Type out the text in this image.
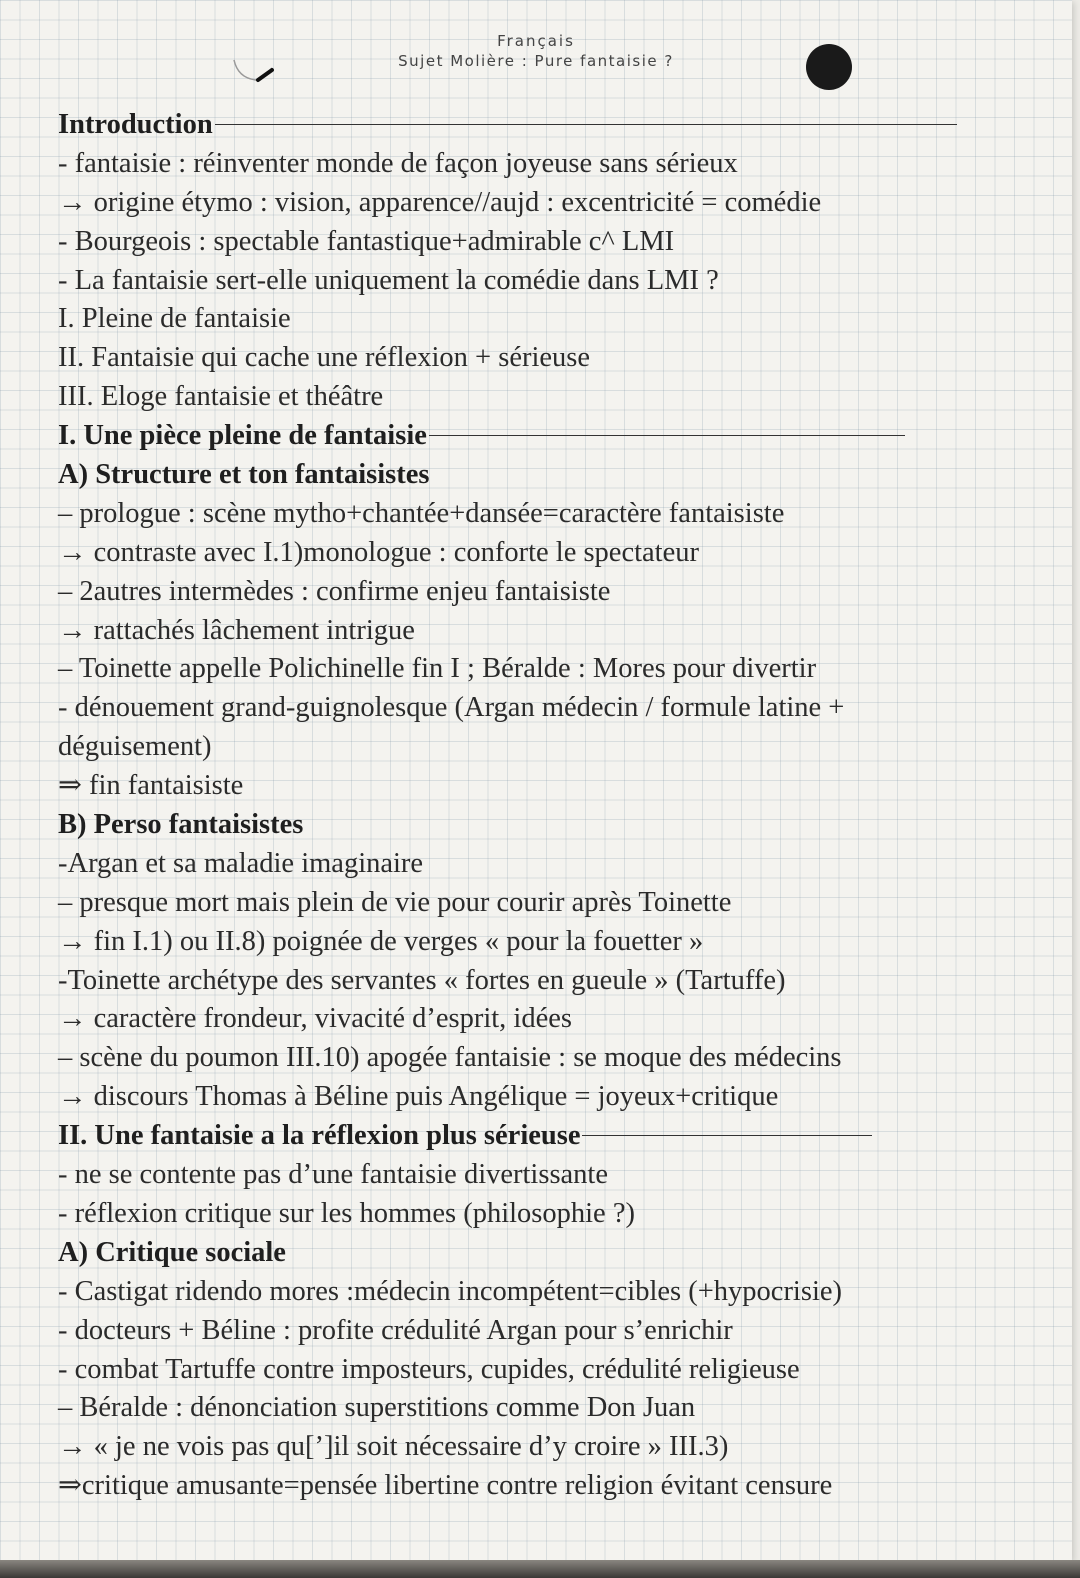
Français
Sujet Molière : Pure fantaisie ?
Introduction
- fantaisie : réinventer monde de façon joyeuse sans sérieux
→ origine étymo : vision, apparence//aujd : excentricité = comédie
- Bourgeois : spectable fantastique+admirable c^ LMI
- La fantaisie sert-elle uniquement la comédie dans LMI ?
I. Pleine de fantaisie
II. Fantaisie qui cache une réflexion + sérieuse
III. Eloge fantaisie et théâtre
I. Une pièce pleine de fantaisie
A) Structure et ton fantaisistes
– prologue : scène mytho+chantée+dansée=caractère fantaisiste
→ contraste avec I.1)monologue : conforte le spectateur
– 2autres intermèdes : confirme enjeu fantaisiste
→ rattachés lâchement intrigue
– Toinette appelle Polichinelle fin I ; Béralde : Mores pour divertir
- dénouement grand-guignolesque (Argan médecin / formule latine +
déguisement)
⇒ fin fantaisiste
B) Perso fantaisistes
-Argan et sa maladie imaginaire
– presque mort mais plein de vie pour courir après Toinette
→ fin I.1) ou II.8) poignée de verges « pour la fouetter »
-Toinette archétype des servantes « fortes en gueule » (Tartuffe)
→ caractère frondeur, vivacité d’esprit, idées
– scène du poumon III.10) apogée fantaisie : se moque des médecins
→ discours Thomas à Béline puis Angélique = joyeux+critique
II. Une fantaisie a la réflexion plus sérieuse
- ne se contente pas d’une fantaisie divertissante
- réflexion critique sur les hommes (philosophie ?)
A) Critique sociale
- Castigat ridendo mores :médecin incompétent=cibles (+hypocrisie)
- docteurs + Béline : profite crédulité Argan pour s’enrichir
- combat Tartuffe contre imposteurs, cupides, crédulité religieuse
– Béralde : dénonciation superstitions comme Don Juan
→ « je ne vois pas qu[’]il soit nécessaire d’y croire » III.3)
⇒critique amusante=pensée libertine contre religion évitant censure
